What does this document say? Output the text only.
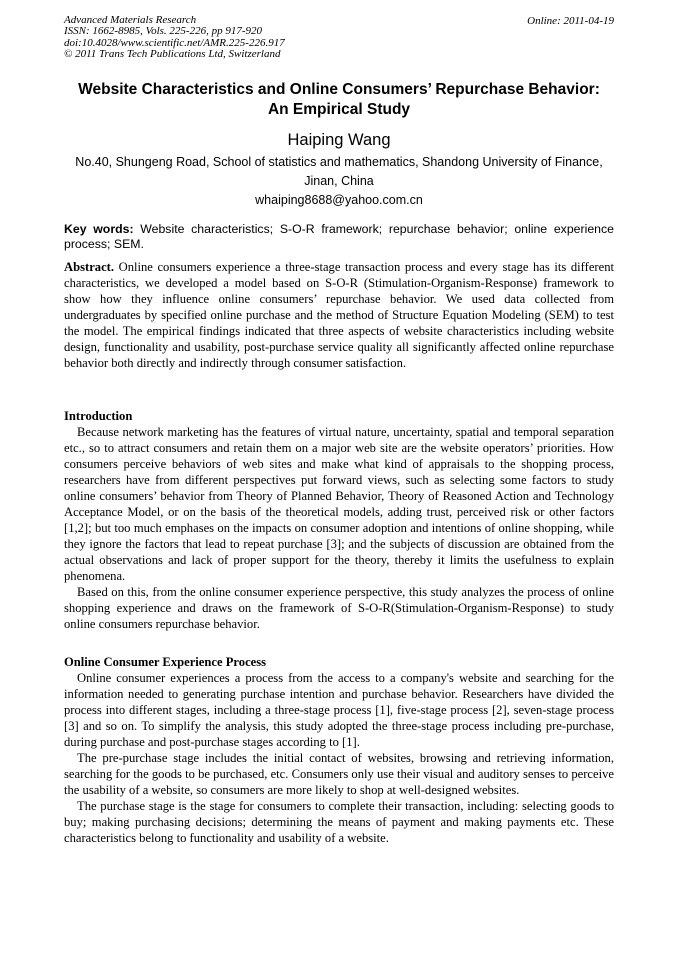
Advanced Materials Research
ISSN: 1662-8985, Vols. 225-226, pp 917-920
doi:10.4028/www.scientific.net/AMR.225-226.917
© 2011 Trans Tech Publications Ltd, Switzerland
Online: 2011-04-19
Website Characteristics and Online Consumers’ Repurchase Behavior:
An Empirical Study
Haiping Wang
No.40, Shungeng Road, School of statistics and mathematics, Shandong University of Finance,
Jinan, China
whaiping8688@yahoo.com.cn
Key words: Website characteristics; S-O-R framework; repurchase behavior; online experience process; SEM.
Abstract. Online consumers experience a three-stage transaction process and every stage has its different characteristics, we developed a model based on S-O-R (Stimulation-Organism-Response) framework to show how they influence online consumers’ repurchase behavior. We used data collected from undergraduates by specified online purchase and the method of Structure Equation Modeling (SEM) to test the model. The empirical findings indicated that three aspects of website characteristics including website design, functionality and usability, post-purchase service quality all significantly affected online repurchase behavior both directly and indirectly through consumer satisfaction.

Introduction

Because network marketing has the features of virtual nature, uncertainty, spatial and temporal separation etc., so to attract consumers and retain them on a major web site are the website operators’ priorities. How consumers perceive behaviors of web sites and make what kind of appraisals to the shopping process, researchers have from different perspectives put forward views, such as selecting some factors to study online consumers’ behavior from Theory of Planned Behavior, Theory of Reasoned Action and Technology Acceptance Model, or on the basis of the theoretical models, adding trust, perceived risk or other factors [1,2]; but too much emphases on the impacts on consumer adoption and intentions of online shopping, while they ignore the factors that lead to repeat purchase [3]; and the subjects of discussion are obtained from the actual observations and lack of proper support for the theory, thereby it limits the usefulness to explain phenomena.

Based on this, from the online consumer experience perspective, this study analyzes the process of online shopping experience and draws on the framework of S-O-R(Stimulation-Organism-Response) to study online consumers repurchase behavior.

Online Consumer Experience Process

Online consumer experiences a process from the access to a company's website and searching for the information needed to generating purchase intention and purchase behavior. Researchers have divided the process into different stages, including a three-stage process [1], five-stage process [2], seven-stage process [3] and so on. To simplify the analysis, this study adopted the three-stage process including pre-purchase, during purchase and post-purchase stages according to [1].

The pre-purchase stage includes the initial contact of websites, browsing and retrieving information, searching for the goods to be purchased, etc. Consumers only use their visual and auditory senses to perceive the usability of a website, so consumers are more likely to shop at well-designed websites.

The purchase stage is the stage for consumers to complete their transaction, including: selecting goods to buy; making purchasing decisions; determining the means of payment and making payments etc. These characteristics belong to functionality and usability of a website.
